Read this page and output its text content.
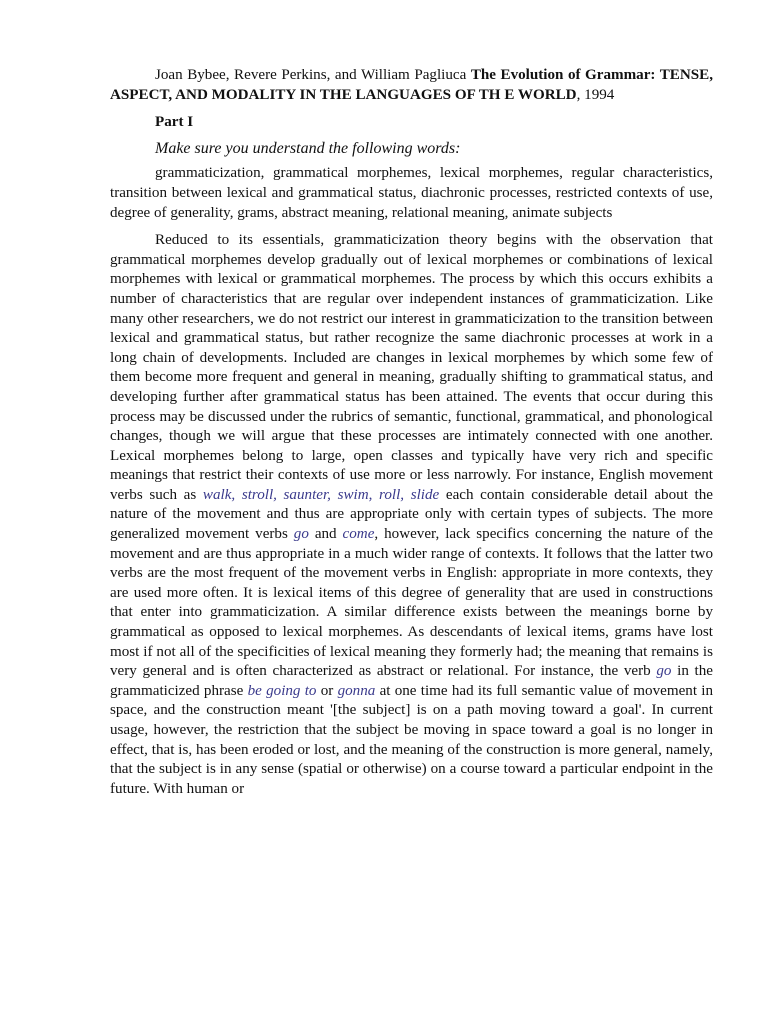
Joan Bybee, Revere Perkins, and William Pagliuca The Evolution of Grammar: TENSE, ASPECT, AND MODALITY IN THE LANGUAGES OF TH E WORLD, 1994

Part I

Make sure you understand the following words:

grammaticization, grammatical morphemes, lexical morphemes, regular characteristics, transition between lexical and grammatical status, diachronic processes, restricted contexts of use, degree of generality, grams, abstract meaning, relational meaning, animate subjects

Reduced to its essentials, grammaticization theory begins with the observation that grammatical morphemes develop gradually out of lexical morphemes or combinations of lexical morphemes with lexical or grammatical morphemes. The process by which this occurs exhibits a number of characteristics that are regular over independent instances of grammaticization. Like many other researchers, we do not restrict our interest in grammaticization to the transition between lexical and grammatical status, but rather recognize the same diachronic processes at work in a long chain of developments. Included are changes in lexical morphemes by which some few of them become more frequent and general in meaning, gradually shifting to grammatical status, and developing further after grammatical status has been attained. The events that occur during this process may be discussed under the rubrics of semantic, functional, grammatical, and phonological changes, though we will argue that these processes are intimately connected with one another. Lexical morphemes belong to large, open classes and typically have very rich and specific meanings that restrict their contexts of use more or less narrowly. For instance, English movement verbs such as walk, stroll, saunter, swim, roll, slide each contain considerable detail about the nature of the movement and thus are appropriate only with certain types of subjects. The more generalized movement verbs go and come, however, lack specifics concerning the nature of the movement and are thus appropriate in a much wider range of contexts. It follows that the latter two verbs are the most frequent of the movement verbs in English: appropriate in more contexts, they are used more often. It is lexical items of this degree of generality that are used in constructions that enter into grammaticization. A similar difference exists between the meanings borne by grammatical as opposed to lexical morphemes. As descendants of lexical items, grams have lost most if not all of the specificities of lexical meaning they formerly had; the meaning that remains is very general and is often characterized as abstract or relational. For instance, the verb go in the grammaticized phrase be going to or gonna at one time had its full semantic value of movement in space, and the construction meant '[the subject] is on a path moving toward a goal'. In current usage, however, the restriction that the subject be moving in space toward a goal is no longer in effect, that is, has been eroded or lost, and the meaning of the construction is more general, namely, that the subject is in any sense (spatial or otherwise) on a course toward a particular endpoint in the future. With human or
